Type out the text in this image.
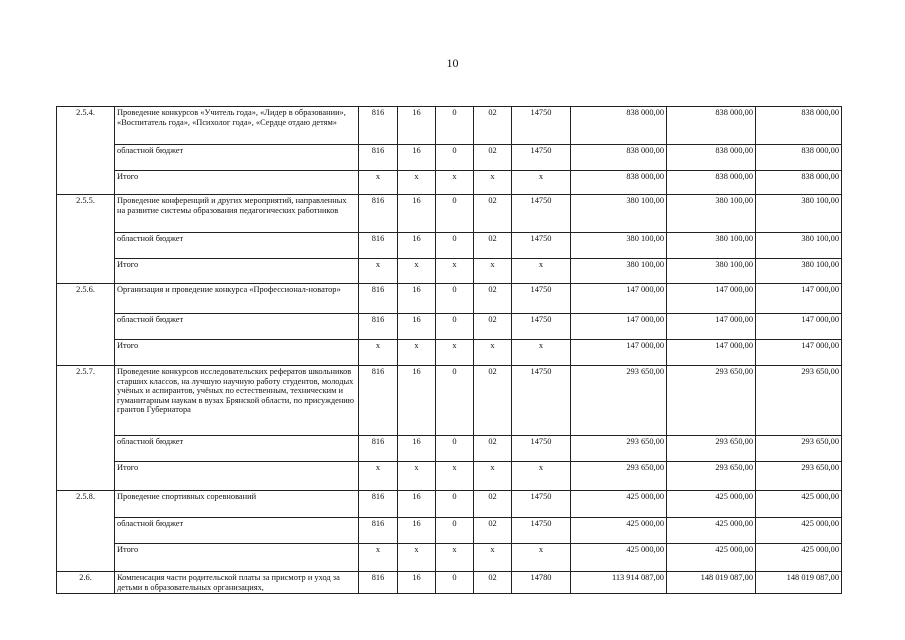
10
2.5.4.	Проведение конкурсов «Учитель года», «Лидер в образовании», «Воспитатель года», «Психолог года», «Сердце отдаю детям»	816	16	0	02	14750	838 000,00	838 000,00	838 000,00
	областной бюджет	816	16	0	02	14750	838 000,00	838 000,00	838 000,00
	Итого	x	x	x	x	x	838 000,00	838 000,00	838 000,00
2.5.5.	Проведение конференций и других мероприятий, направленных на развитие системы образования педагогических работников	816	16	0	02	14750	380 100,00	380 100,00	380 100,00
	областной бюджет	816	16	0	02	14750	380 100,00	380 100,00	380 100,00
	Итого	x	x	x	x	x	380 100,00	380 100,00	380 100,00
2.5.6.	Организация и проведение конкурса «Профессионал-новатор»	816	16	0	02	14750	147 000,00	147 000,00	147 000,00
	областной бюджет	816	16	0	02	14750	147 000,00	147 000,00	147 000,00
	Итого	x	x	x	x	x	147 000,00	147 000,00	147 000,00
2.5.7.	Проведение конкурсов исследовательских рефератов школьников старших классов, на лучшую научную работу студентов, молодых учёных и аспирантов, учёных по естественным, техническим и гуманитарным наукам в вузах Брянской области, по присуждению грантов Губернатора	816	16	0	02	14750	293 650,00	293 650,00	293 650,00
	областной бюджет	816	16	0	02	14750	293 650,00	293 650,00	293 650,00
	Итого	x	x	x	x	x	293 650,00	293 650,00	293 650,00
2.5.8.	Проведение спортивных соревнований	816	16	0	02	14750	425 000,00	425 000,00	425 000,00
	областной бюджет	816	16	0	02	14750	425 000,00	425 000,00	425 000,00
	Итого	x	x	x	x	x	425 000,00	425 000,00	425 000,00
2.6.	Компенсация части родительской платы за присмотр и уход за детьми в образовательных организациях,	816	16	0	02	14780	113 914 087,00	148 019 087,00	148 019 087,00
